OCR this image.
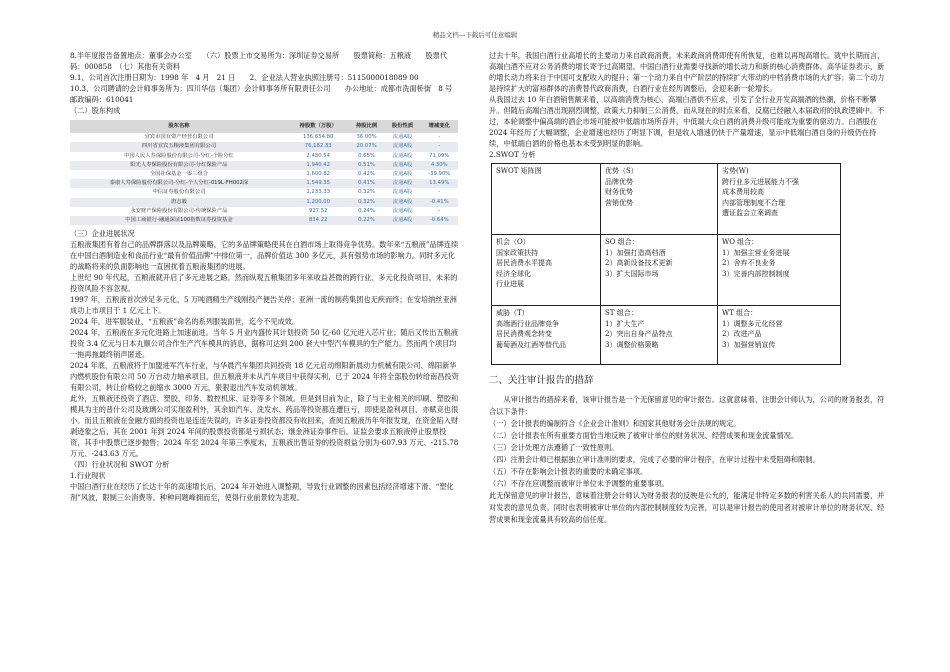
精品文档---下载后可任意编辑

8.半年度报告备置地点：董事会办公室　　（六）股票上市交易所为：深圳证券交易所　　股票简称：五粮液　　股票代码：000858　（七）其他有关资料

9.1、公司首次注册日期为：1998 年　4 月　21 日　　2、企业法人营业执照注册号：5115000018089 00

10.3、公司聘请的会计师事务所为：四川华信（集团）会计师事务所有限责任公司　　办公地址：成都市洗面桥街　8 号　　邮政编码：610041

（二）股东构成

股东名称	持股数（万股）	持股比例	股份性质	增减变化
宜宾市国有资产经营有限公司	136,654.80	36.00%	流通A股	-
四川省宜宾五粮液集团有限公司	76,182.33	20.07%	流通A股	-
中国人民人寿保险股份有限公司-分红-个险分红	2,480.54	0.65%	流通A股	71.09%
阳光人寿保险股份有限公司-分红保险产品	1,940.42	0.51%	流通A股	4.30%
全国社保基金一零三组合	1,600.82	0.42%	流通A股	-39.90%
泰康人寿保险股份有限公司-分红-个人分红-019L-FH002深	1,549.35	0.41%	流通A股	13.49%
中信证券股份有限公司	1,233.33	0.32%	流通A股	-
唐志毅	1,200.00	0.32%	流通A股	-0.41%
永安财产保险股份有限公司-传统保险产品	927.52	0.24%	流通A股	-
中国工商银行-融通深证100指数证券投资基金	834.22	0.22%	流通A股	-0.64%

（三）企业进展状况

五粮液集团有着自己的品牌群落以及品牌策略，它的多品牌策略使其在白酒市场上取得竞争优势。数年来“五粮液”品牌连续在中国白酒制造业和食品行业“最有价值品牌”中排位第一，品牌价值达 300 多亿元，具有强势市场的影响力。同时多元化的战略将来的负面影响也一直困扰着五粮液集团的进展。

上世纪 90 年代起，五粮液就开启了多元进展之路。然而纵观五粮集团多年来收益甚微的跨行业、多元化投资项目，未来的投资风险不容忽视。

1997 年，五粮液首次涉足多元化，5 万吨酒精生产线刚投产便告关停；亚洲一流的制药集团也无疾而终；在安培纳丝亚洲成功上市项目于 1 亿元上下。

2024 年，进军服装业，“五粮液”命名的系列服装面世，迄今不见成效。

2024 年，五粮液在多元化进路上加速前进。当年 5 月业内盛传其计划投资 50 亿-60 亿元进入芯片业；随后又传出五粮液投资 3.4 亿元与日本丸顺公司合作生产汽车模具的消息，据称可达到 200 套大中型汽车模具的生产能力。然而两个项目均一拖再拖最终销声匿迹。

2024 年底，五粮液将于加盟进军汽车行业，与华晨汽车集团共同投资 18 亿元启动绵阳新晨动力机械有限公司、绵阳新华内燃机股份有限公司 50 万台动力轴承项目，但五粮液并未从汽车项目中获得实利，已于 2024 年将全部股份转给南昌投资有限公司，转让价格较之前缩水 3000 万元，狠狠退出汽车发动机领域。

此外，五粮液还投资了酒店、塑胶、印务、数控机床、证券等多个领域。但是到目前为止，除了与主业相关的印刷、塑胶和模具为主的普什公司及玻璃公司实现盈利外，其余如汽车、洗发水、药品等投资都连遭巨亏，即使是盈利项目，亦赋竞也很小。而且五粮液在金融方面的投资也是连连失误的，许多证券投资都没有收回来，查阅五粮液历年年报发现，在资金陷入财剥迹象之后，其在 2001 年到 2024 年间的股票投资都是亏损状态；继金洲证券事件后，证监会要求五粮液停止股票投资，其手中股票已逐步抛售；2024 年至 2024 年第三季度末，五粮液出售证券的投资损益分别为-607.93 万元、-215.78 万元、-243.63 万元。

（四）行业状况和 SWOT 分析

1.行业现状

中国白酒行业在经历了长达十年的高速增长后，2024 年开始进入调整期，导致行业调整的因素包括经济增速下滑、“塑化剂”风波，限制三公消费等。种种问题峰拥而至，使得行业前景较为悲观。

过去十年，我国白酒行业高增长的主要动力来自政商消费。未来政商消费即使有所恢复，也难以再现高增长。就中长期而言，高端白酒不应对公务消费的增长寄予过高期望。中国白酒行业需要寻找新的增长动力和新的核心消费群体。高华证券表示，新的增长动力将来自于中国可支配收入的提升；第一个动力来自中产阶层的持续扩大带动的中档消费市场的大扩容；第二个动力是持续扩大的富裕群体的消费替代政商消费，白酒行业在经历调整后，会迎来新一轮增长。

从我国过去 10 年白酒销售额来看，以高端消费为核心，高端白酒供不应求，引发了全行业开发高端酒的热潮，价格不断攀升。但随后高端白酒出现剧烈调整，政策大力抑制三公消费，而从现在的时点来看，反腐已经融入本届政府的执政逻辑中。不过，本轮调整中偏高端的酒企市场可能被中低端市场所吞并，中低端大众白酒的消费升级可能成为重要的驱动力。白酒股在 2024 年经历了大幅调整，企业增速也经历了明显下调，但是收入增速仍快于产量增速，显示中低端白酒自身的升级仍在持续，中低端白酒的价格也基本未受到明显的影响。

2.SWOT 分析

SWOT 矩阵图	优势（S）
品牌优势
财务优势
营销优势	劣势(W)
跨行业多元进展能力不强
成本费用较高
内部管理制度不合理
遭证监会立案调查
机会（O）
国家政策扶持
居民消费水平提高
经济全球化
行业进展	SO 组合：
1）加强打造高档酒
2）高新设备技术更新
3）扩大国际市场	WO 组合：
1）加强主营业务进展
2）舍弃不良业务
3）完善内部控制制度
威胁（T）
高端酒行业品牌竞争
居民消费观念转变
葡萄酒及红酒等替代品	ST 组合：
1）扩大生产
2）突出自身产品特点
3）调整价格策略	WT 组合：
1）调整多元化经营
2）改进产品
3）加强营销宣传
二、关注审计报告的措辞

　　从审计报告的措辞来看，该审计报告是一个无保留意见的审计报告。这就意味着，注册会计师认为，公司的财务报表，符合以下条件：

（一）会计报表的编制符合《企业会计准则》和国家其他财务会计法规的规定。

（二）会计报表在所有重要方面恰当地反映了被审计单位的财务状况、经营成果和现金流量情况。

（三）会计处理方法遵循了一致性原则。

（四）注册会计师已根据独立审计准则的要求，完成了必要的审计程序，在审计过程中未受阻碍和限制。

（五）不存在影响会计报表的重要的未确定事项。

（六）不存在应调整而被审计单位未予调整的重要事项。

此无保留意见的审计报告，意味着注册会计师认为财务报表的反映是公允的，能满足非特定多数的利害关系人的共同需要，并对发表的意见负责。同时也表明被审计单位的内部控制制度较为完善，可以是审计报告的使用者对被审计单位的财务状况、经营成果和现金流量具有较高的信任度。
